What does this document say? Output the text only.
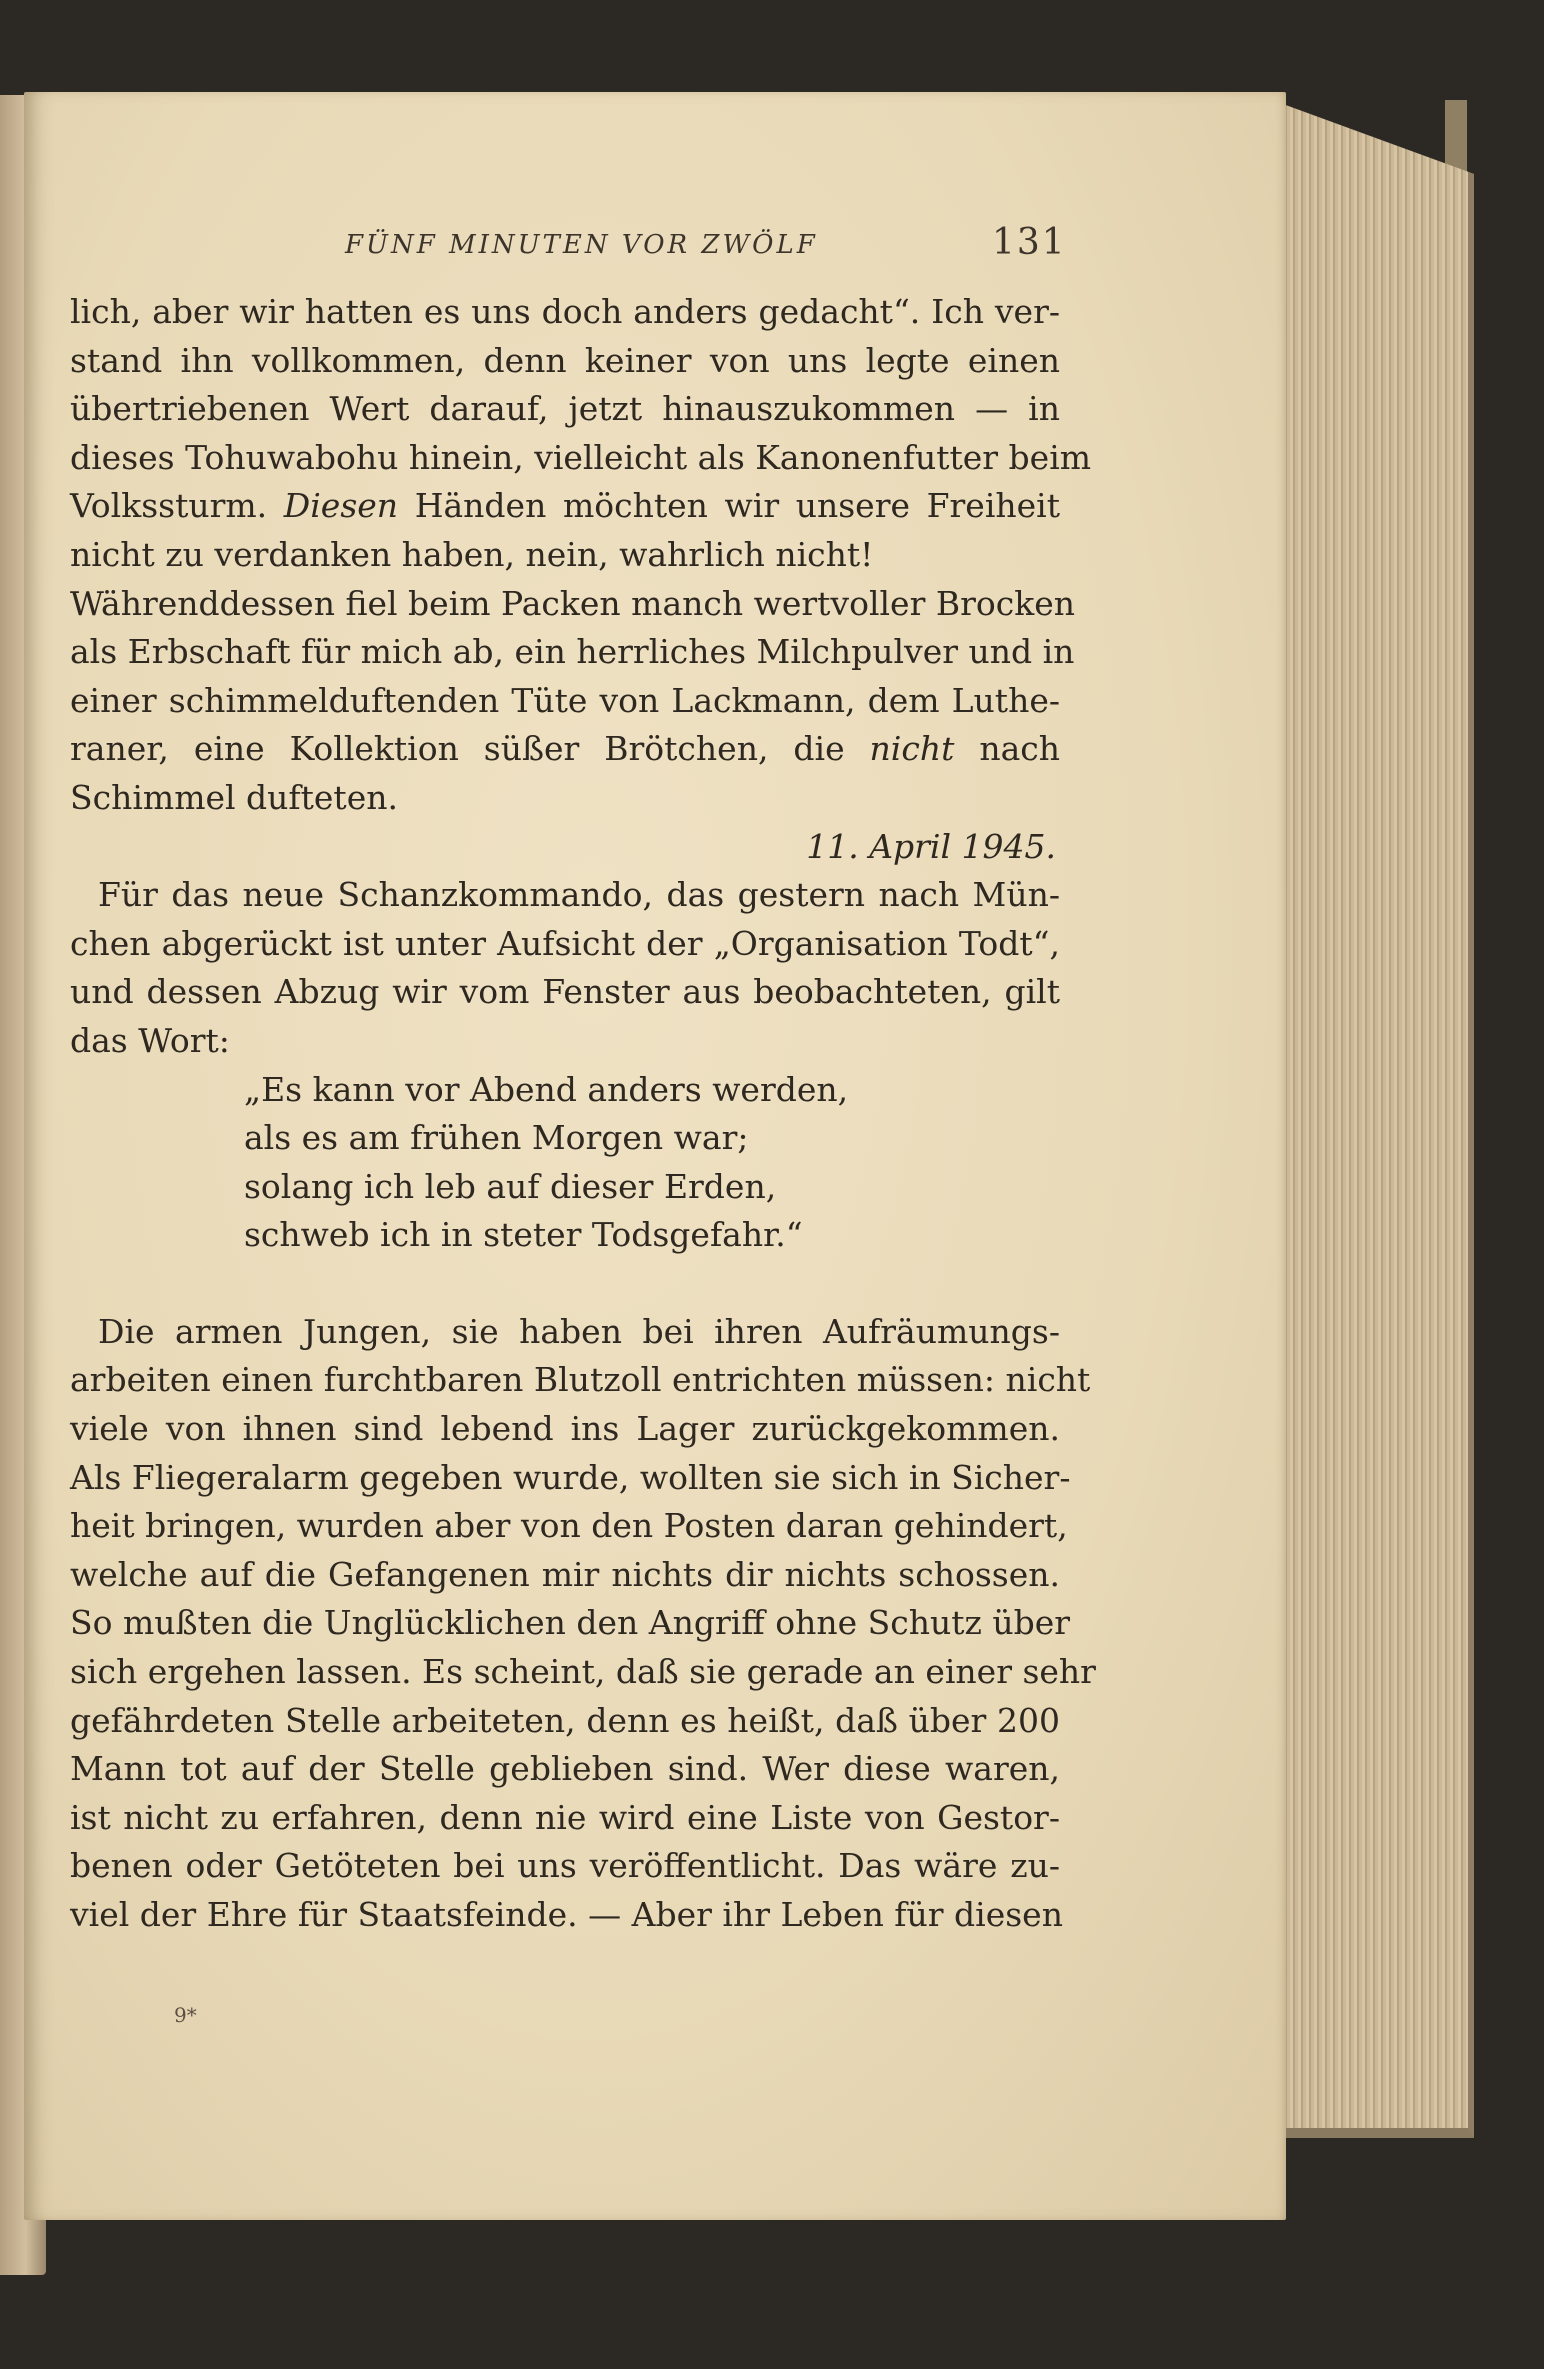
FÜNF MINUTEN VOR ZWÖLF	131
lich, aber wir hatten es uns doch anders gedacht“. Ich ver-
stand ihn vollkommen, denn keiner von uns legte einen
übertriebenen Wert darauf, jetzt hinauszukommen — in
dieses Tohuwabohu hinein, vielleicht als Kanonenfutter beim
Volkssturm. Diesen Händen möchten wir unsere Freiheit
nicht zu verdanken haben, nein, wahrlich nicht!
Währenddessen fiel beim Packen manch wertvoller Brocken
als Erbschaft für mich ab, ein herrliches Milchpulver und in
einer schimmelduftenden Tüte von Lackmann, dem Luthe-
raner, eine Kollektion süßer Brötchen, die nicht nach
Schimmel dufteten.
11. April 1945.
Für das neue Schanzkommando, das gestern nach Mün-
chen abgerückt ist unter Aufsicht der „Organisation Todt“,
und dessen Abzug wir vom Fenster aus beobachteten, gilt
das Wort:
„Es kann vor Abend anders werden,
als es am frühen Morgen war;
solang ich leb auf dieser Erden,
schweb ich in steter Todsgefahr.“
Die armen Jungen, sie haben bei ihren Aufräumungs-
arbeiten einen furchtbaren Blutzoll entrichten müssen: nicht
viele von ihnen sind lebend ins Lager zurückgekommen.
Als Fliegeralarm gegeben wurde, wollten sie sich in Sicher-
heit bringen, wurden aber von den Posten daran gehindert,
welche auf die Gefangenen mir nichts dir nichts schossen.
So mußten die Unglücklichen den Angriff ohne Schutz über
sich ergehen lassen. Es scheint, daß sie gerade an einer sehr
gefährdeten Stelle arbeiteten, denn es heißt, daß über 200
Mann tot auf der Stelle geblieben sind. Wer diese waren,
ist nicht zu erfahren, denn nie wird eine Liste von Gestor-
benen oder Getöteten bei uns veröffentlicht. Das wäre zu-
viel der Ehre für Staatsfeinde. — Aber ihr Leben für diesen
9*
